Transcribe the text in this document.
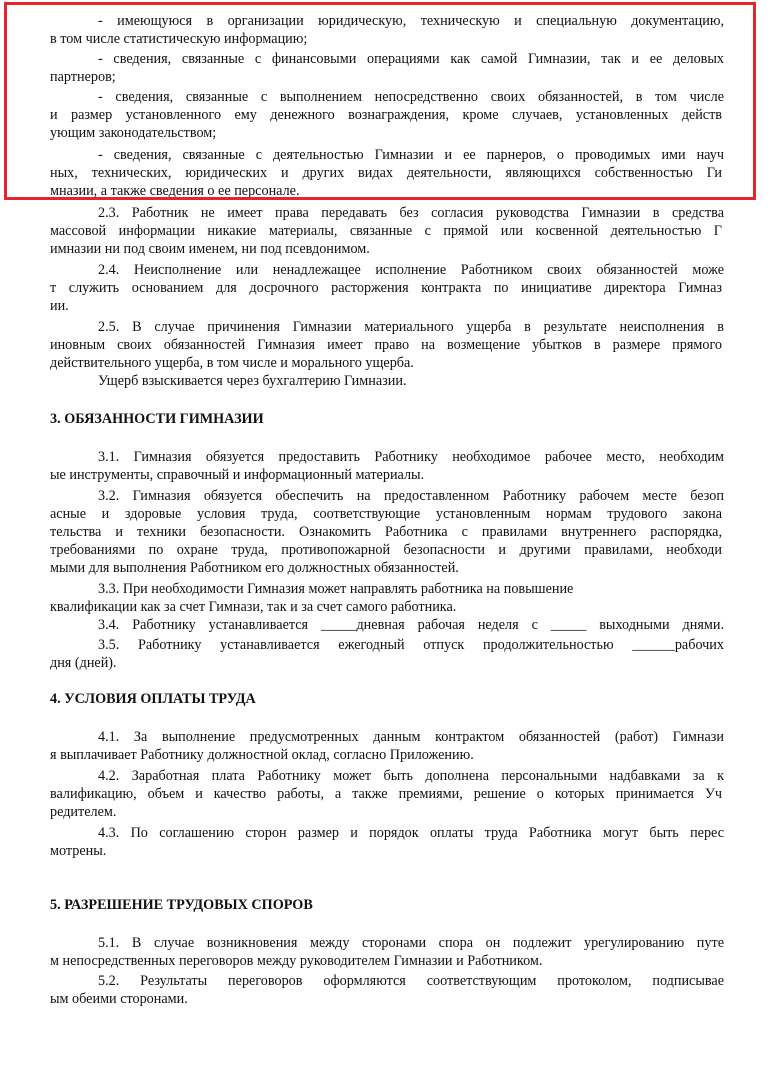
- имеющуюся в организации юридическую, техническую и специальную документацию,
в том числе статистическую информацию;
- сведения, связанные с финансовыми операциями как самой Гимназии, так и ее деловых
партнеров;
- сведения, связанные с выполнением непосредственно своих обязанностей, в том числе
и размер установленного ему денежного вознаграждения, кроме случаев, установленных действ
ующим законодательством;
- сведения, связанные с деятельностью Гимназии и ее парнеров, о проводимых ими науч
ных, технических, юридических и других видах деятельности, являющихся собственностью Ги
мназии, а также сведения о ее персонале.
2.3. Работник не имеет права передавать без согласия руководства Гимназии в средства
массовой информации никакие материалы, связанные с прямой или косвенной деятельностью Г
имназии ни под своим именем, ни под псевдонимом.
2.4. Неисполнение или ненадлежащее исполнение Работником своих обязанностей може
т служить основанием для досрочного расторжения контракта по инициативе директора Гимназ
ии.
2.5. В случае причинения Гимназии материального ущерба в результате неисполнения в
иновным своих обязанностей Гимназия имеет право на возмещение убытков в размере прямого
действительного ущерба, в том числе и морального ущерба.
Ущерб взыскивается через бухгалтерию Гимназии.
3. ОБЯЗАННОСТИ ГИМНАЗИИ
3.1. Гимназия обязуется предоставить Работнику необходимое рабочее место, необходим
ые инструменты, справочный и информационный материалы.
3.2. Гимназия обязуется обеспечить на предоставленном Работнику рабочем месте безоп
асные и здоровые условия труда, соответствующие установленным нормам трудового закона
тельства и техники безопасности. Ознакомить Работника с правилами внутреннего распорядка,
требованиями по охране труда, противопожарной безопасности и другими правилами, необходи
мыми для выполнения Работником его должностных обязанностей.
3.3. При необходимости Гимназия может направлять работника на повышение
квалификации как за счет Гимнази, так и за счет самого работника.
3.4. Работнику устанавливается _____дневная рабочая неделя с _____ выходными днями.
3.5. Работнику устанавливается ежегодный отпуск продолжительностью ______рабочих
дня (дней).
4. УСЛОВИЯ ОПЛАТЫ ТРУДА
4.1. За выполнение предусмотренных данным контрактом обязанностей (работ) Гимнази
я выплачивает Работнику должностной оклад, согласно Приложению.
4.2. Заработная плата Работнику может быть дополнена персональными надбавками за к
валификацию, объем и качество работы, а также премиями, решение о которых принимается Уч
редителем.
4.3. По соглашению сторон размер и порядок оплаты труда Работника могут быть перес
мотрены.
5. РАЗРЕШЕНИЕ ТРУДОВЫХ СПОРОВ
5.1. В случае возникновения между сторонами спора он подлежит урегулированию путе
м непосредственных переговоров между руководителем Гимназии и Работником.
5.2. Результаты переговоров оформляются соответствующим протоколом, подписывае
ым обеими сторонами.
